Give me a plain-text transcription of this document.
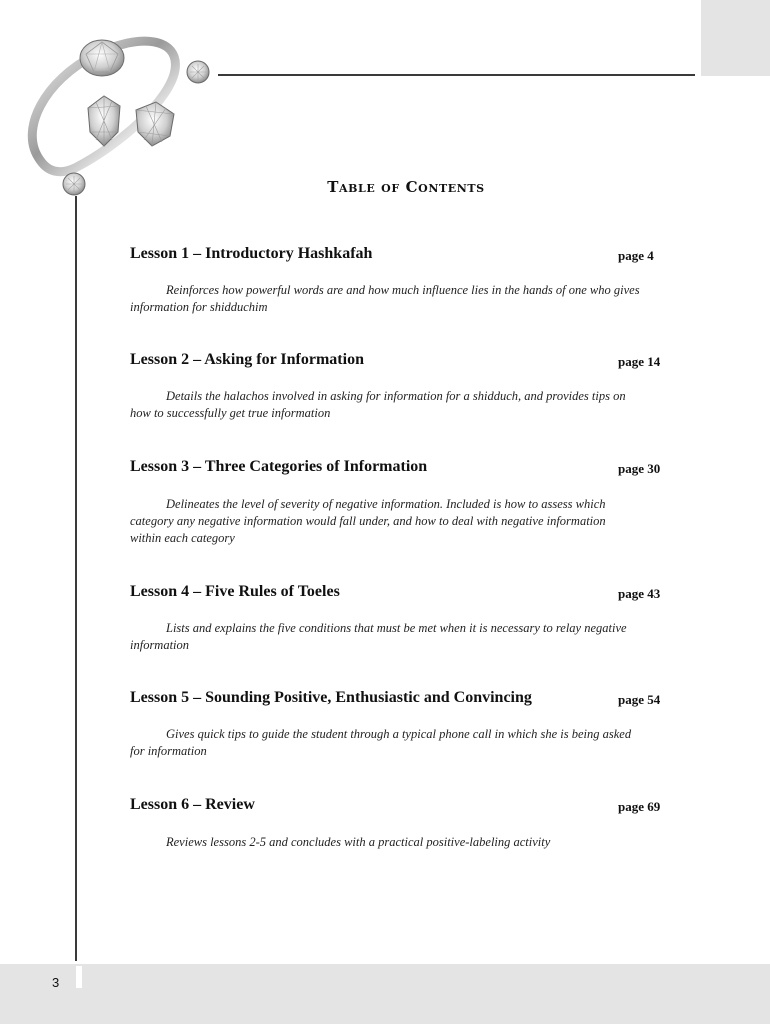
3
Table of Contents
Lesson 1 – Introductory Hashkafah	page 4

Reinforces how powerful words are and how much influence lies in the hands of one who gives information for shidduchim

Lesson 2 – Asking for Information	page 14

Details the halachos involved in asking for information for a shidduch, and provides tips on how to successfully get true information

Lesson 3 – Three Categories of Information	page 30

Delineates the level of severity of negative information. Included is how to assess which category any negative information would fall under, and how to deal with negative information within each category

Lesson 4 – Five Rules of Toeles	page 43

Lists and explains the five conditions that must be met when it is necessary to relay negative information

Lesson 5 – Sounding Positive, Enthusiastic and Convincing	page 54

Gives quick tips to guide the student through a typical phone call in which she is being asked for information

Lesson 6 – Review	page 69

Reviews lessons 2-5 and concludes with a practical positive-labeling activity
